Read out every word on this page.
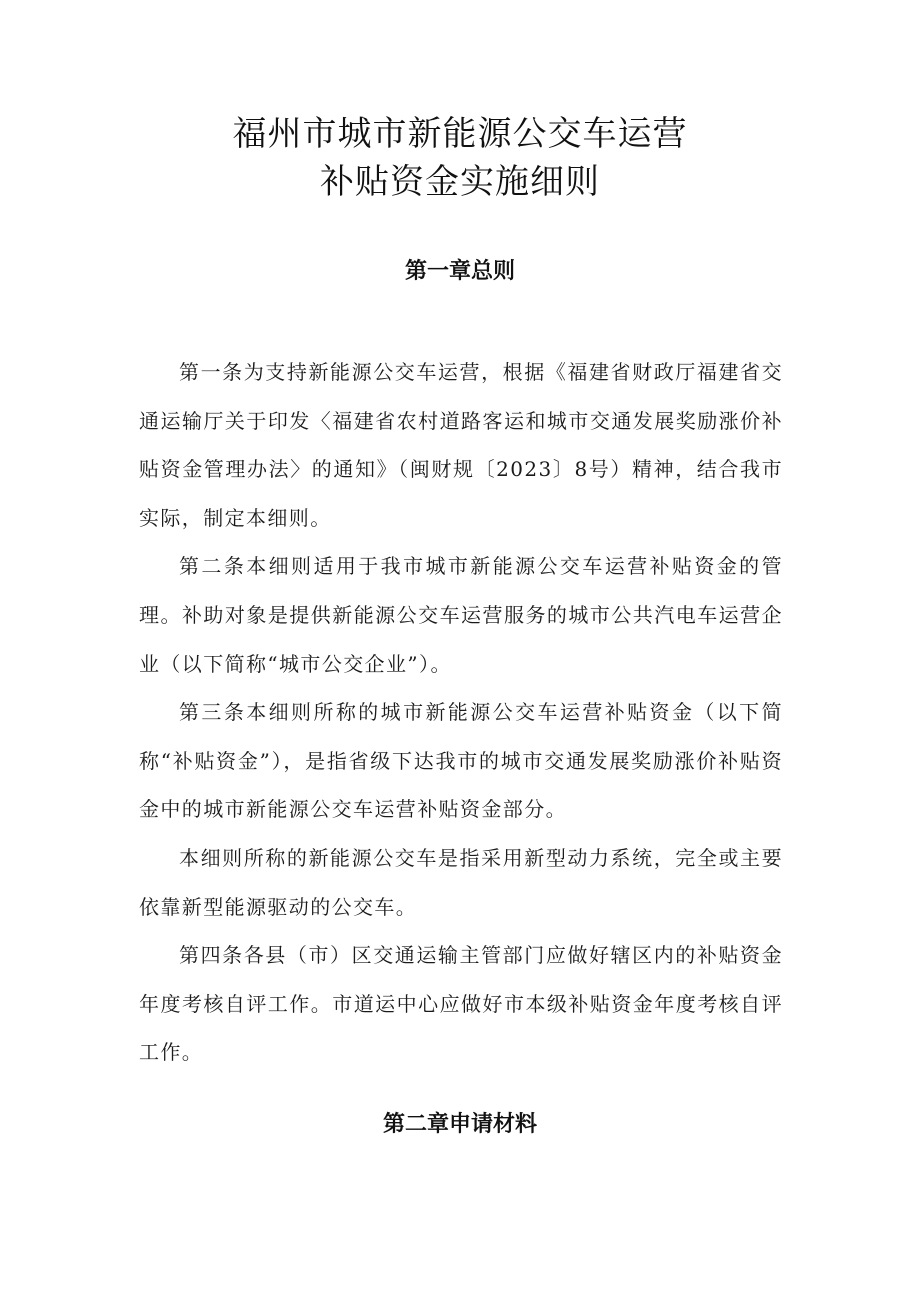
福州市城市新能源公交车运营
补贴资金实施细则
第一章总则

第一条为支持新能源公交车运营，根据《福建省财政厅福建省交通运输厅关于印发〈福建省农村道路客运和城市交通发展奖励涨价补贴资金管理办法〉的通知》（闽财规〔2023〕8号）精神，结合我市实际，制定本细则。

第二条本细则适用于我市城市新能源公交车运营补贴资金的管理。补助对象是提供新能源公交车运营服务的城市公共汽电车运营企业（以下简称“城市公交企业”）。

第三条本细则所称的城市新能源公交车运营补贴资金（以下简称“补贴资金”），是指省级下达我市的城市交通发展奖励涨价补贴资金中的城市新能源公交车运营补贴资金部分。

本细则所称的新能源公交车是指采用新型动力系统，完全或主要依靠新型能源驱动的公交车。

第四条各县（市）区交通运输主管部门应做好辖区内的补贴资金年度考核自评工作。市道运中心应做好市本级补贴资金年度考核自评工作。

第二章申请材料
